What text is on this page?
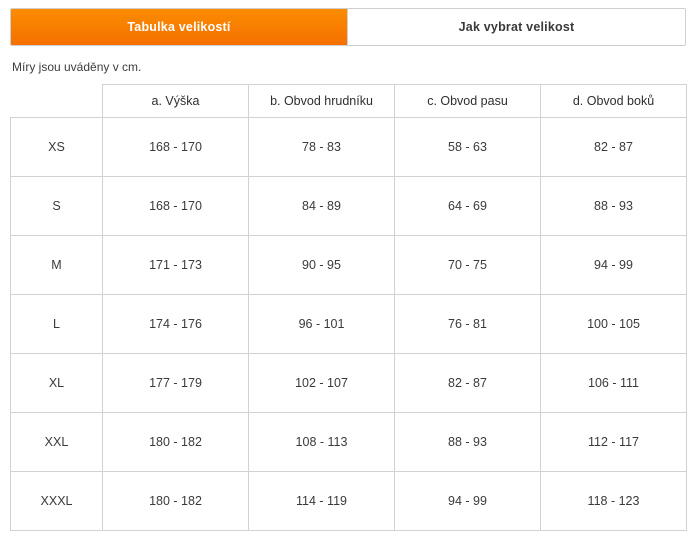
Tabulka velikostí	Jak vybrat velikost
Míry jsou uváděny v cm.
	a. Výška	b. Obvod hrudníku	c. Obvod pasu	d. Obvod boků
XS	168 - 170	78 - 83	58 - 63	82 - 87
S	168 - 170	84 - 89	64 - 69	88 - 93
M	171 - 173	90 - 95	70 - 75	94 - 99
L	174 - 176	96 - 101	76 - 81	100 - 105
XL	177 - 179	102 - 107	82 - 87	106 - 111
XXL	180 - 182	108 - 113	88 - 93	112 - 117
XXXL	180 - 182	114 - 119	94 - 99	118 - 123
